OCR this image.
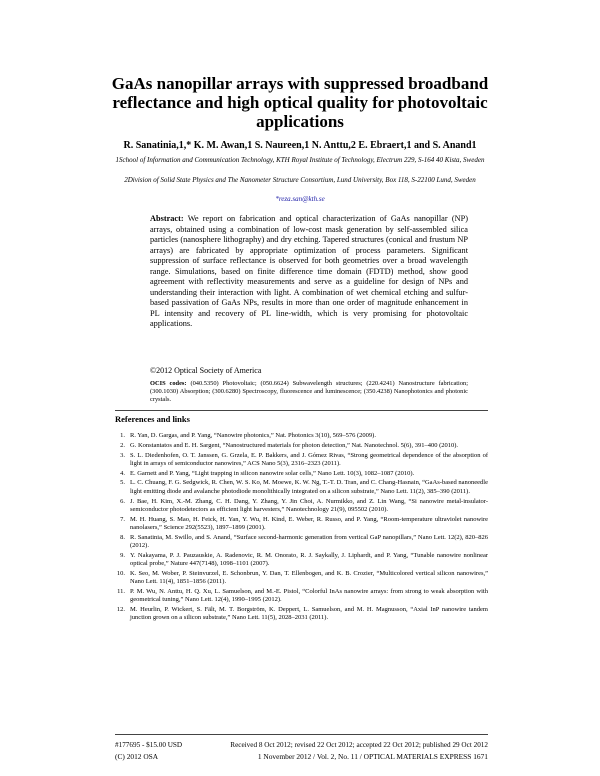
GaAs nanopillar arrays with suppressed broadband reflectance and high optical quality for photovoltaic applications
R. Sanatinia,1,* K. M. Awan,1 S. Naureen,1 N. Anttu,2 E. Ebraert,1 and S. Anand1
1School of Information and Communication Technology, KTH Royal Institute of Technology, Electrum 229, S-164 40 Kista, Sweden
2Division of Solid State Physics and The Nanometer Structure Consortium, Lund University, Box 118, S-22100 Lund, Sweden
*reza.san@kth.se
Abstract: We report on fabrication and optical characterization of GaAs nanopillar (NP) arrays, obtained using a combination of low-cost mask generation by self-assembled silica particles (nanosphere lithography) and dry etching. Tapered structures (conical and frustum NP arrays) are fabricated by appropriate optimization of process parameters. Significant suppression of surface reflectance is observed for both geometries over a broad wavelength range. Simulations, based on finite difference time domain (FDTD) method, show good agreement with reflectivity measurements and serve as a guideline for design of NPs and understanding their interaction with light. A combination of wet chemical etching and sulfur-based passivation of GaAs NPs, results in more than one order of magnitude enhancement in PL intensity and recovery of PL line-width, which is very promising for photovoltaic applications.
©2012 Optical Society of America
OCIS codes: (040.5350) Photovoltaic; (050.6624) Subwavelength structures; (220.4241) Nanostructure fabrication; (300.1030) Absorption; (300.6280) Spectroscopy, fluorescence and luminescence; (350.4238) Nanophotonics and photonic crystals.
References and links
1. R. Yan, D. Gargas, and P. Yang, “Nanowire photonics,” Nat. Photonics 3(10), 569–576 (2009).
2. G. Konstantatos and E. H. Sargent, “Nanostructured materials for photon detection,” Nat. Nanotechnol. 5(6), 391–400 (2010).
3. S. L. Diedenhofen, O. T. Janssen, G. Grzela, E. P. Bakkers, and J. Gómez Rivas, “Strong geometrical dependence of the absorption of light in arrays of semiconductor nanowires,” ACS Nano 5(3), 2316–2323 (2011).
4. E. Garnett and P. Yang, “Light trapping in silicon nanowire solar cells,” Nano Lett. 10(3), 1082–1087 (2010).
5. L. C. Chuang, F. G. Sedgwick, R. Chen, W. S. Ko, M. Moewe, K. W. Ng, T.-T. D. Tran, and C. Chang-Hasnain, “GaAs-based nanoneedle light emitting diode and avalanche photodiode monolithically integrated on a silicon substrate,” Nano Lett. 11(2), 385–390 (2011).
6. J. Bae, H. Kim, X.-M. Zhang, C. H. Dang, Y. Zhang, Y. Jin Choi, A. Nurmikko, and Z. Lin Wang, “Si nanowire metal-insulator-semiconductor photodetectors as efficient light harvesters,” Nanotechnology 21(9), 095502 (2010).
7. M. H. Huang, S. Mao, H. Feick, H. Yan, Y. Wu, H. Kind, E. Weber, R. Russo, and P. Yang, “Room-temperature ultraviolet nanowire nanolasers,” Science 292(5523), 1897–1899 (2001).
8. R. Sanatinia, M. Swillo, and S. Anand, “Surface second-harmonic generation from vertical GaP nanopillars,” Nano Lett. 12(2), 820–826 (2012).
9. Y. Nakayama, P. J. Pauzauskie, A. Radenovic, R. M. Onorato, R. J. Saykally, J. Liphardt, and P. Yang, “Tunable nanowire nonlinear optical probe,” Nature 447(7148), 1098–1101 (2007).
10. K. Seo, M. Wober, P. Steinvurzel, E. Schonbrun, Y. Dan, T. Ellenbogen, and K. B. Crozier, “Multicolored vertical silicon nanowires,” Nano Lett. 11(4), 1851–1856 (2011).
11. P. M. Wu, N. Anttu, H. Q. Xu, L. Samuelson, and M.-E. Pistol, “Colorful InAs nanowire arrays: from strong to weak absorption with geometrical tuning,” Nano Lett. 12(4), 1990–1995 (2012).
12. M. Heurlin, P. Wickert, S. Fält, M. T. Borgström, K. Deppert, L. Samuelson, and M. H. Magnusson, “Axial InP nanowire tandem junction grown on a silicon substrate,” Nano Lett. 11(5), 2028–2031 (2011).
#177695 - $15.00 USD	Received 8 Oct 2012; revised 22 Oct 2012; accepted 22 Oct 2012; published 29 Oct 2012
(C) 2012 OSA	1 November 2012 / Vol. 2, No. 11 / OPTICAL MATERIALS EXPRESS 1671
